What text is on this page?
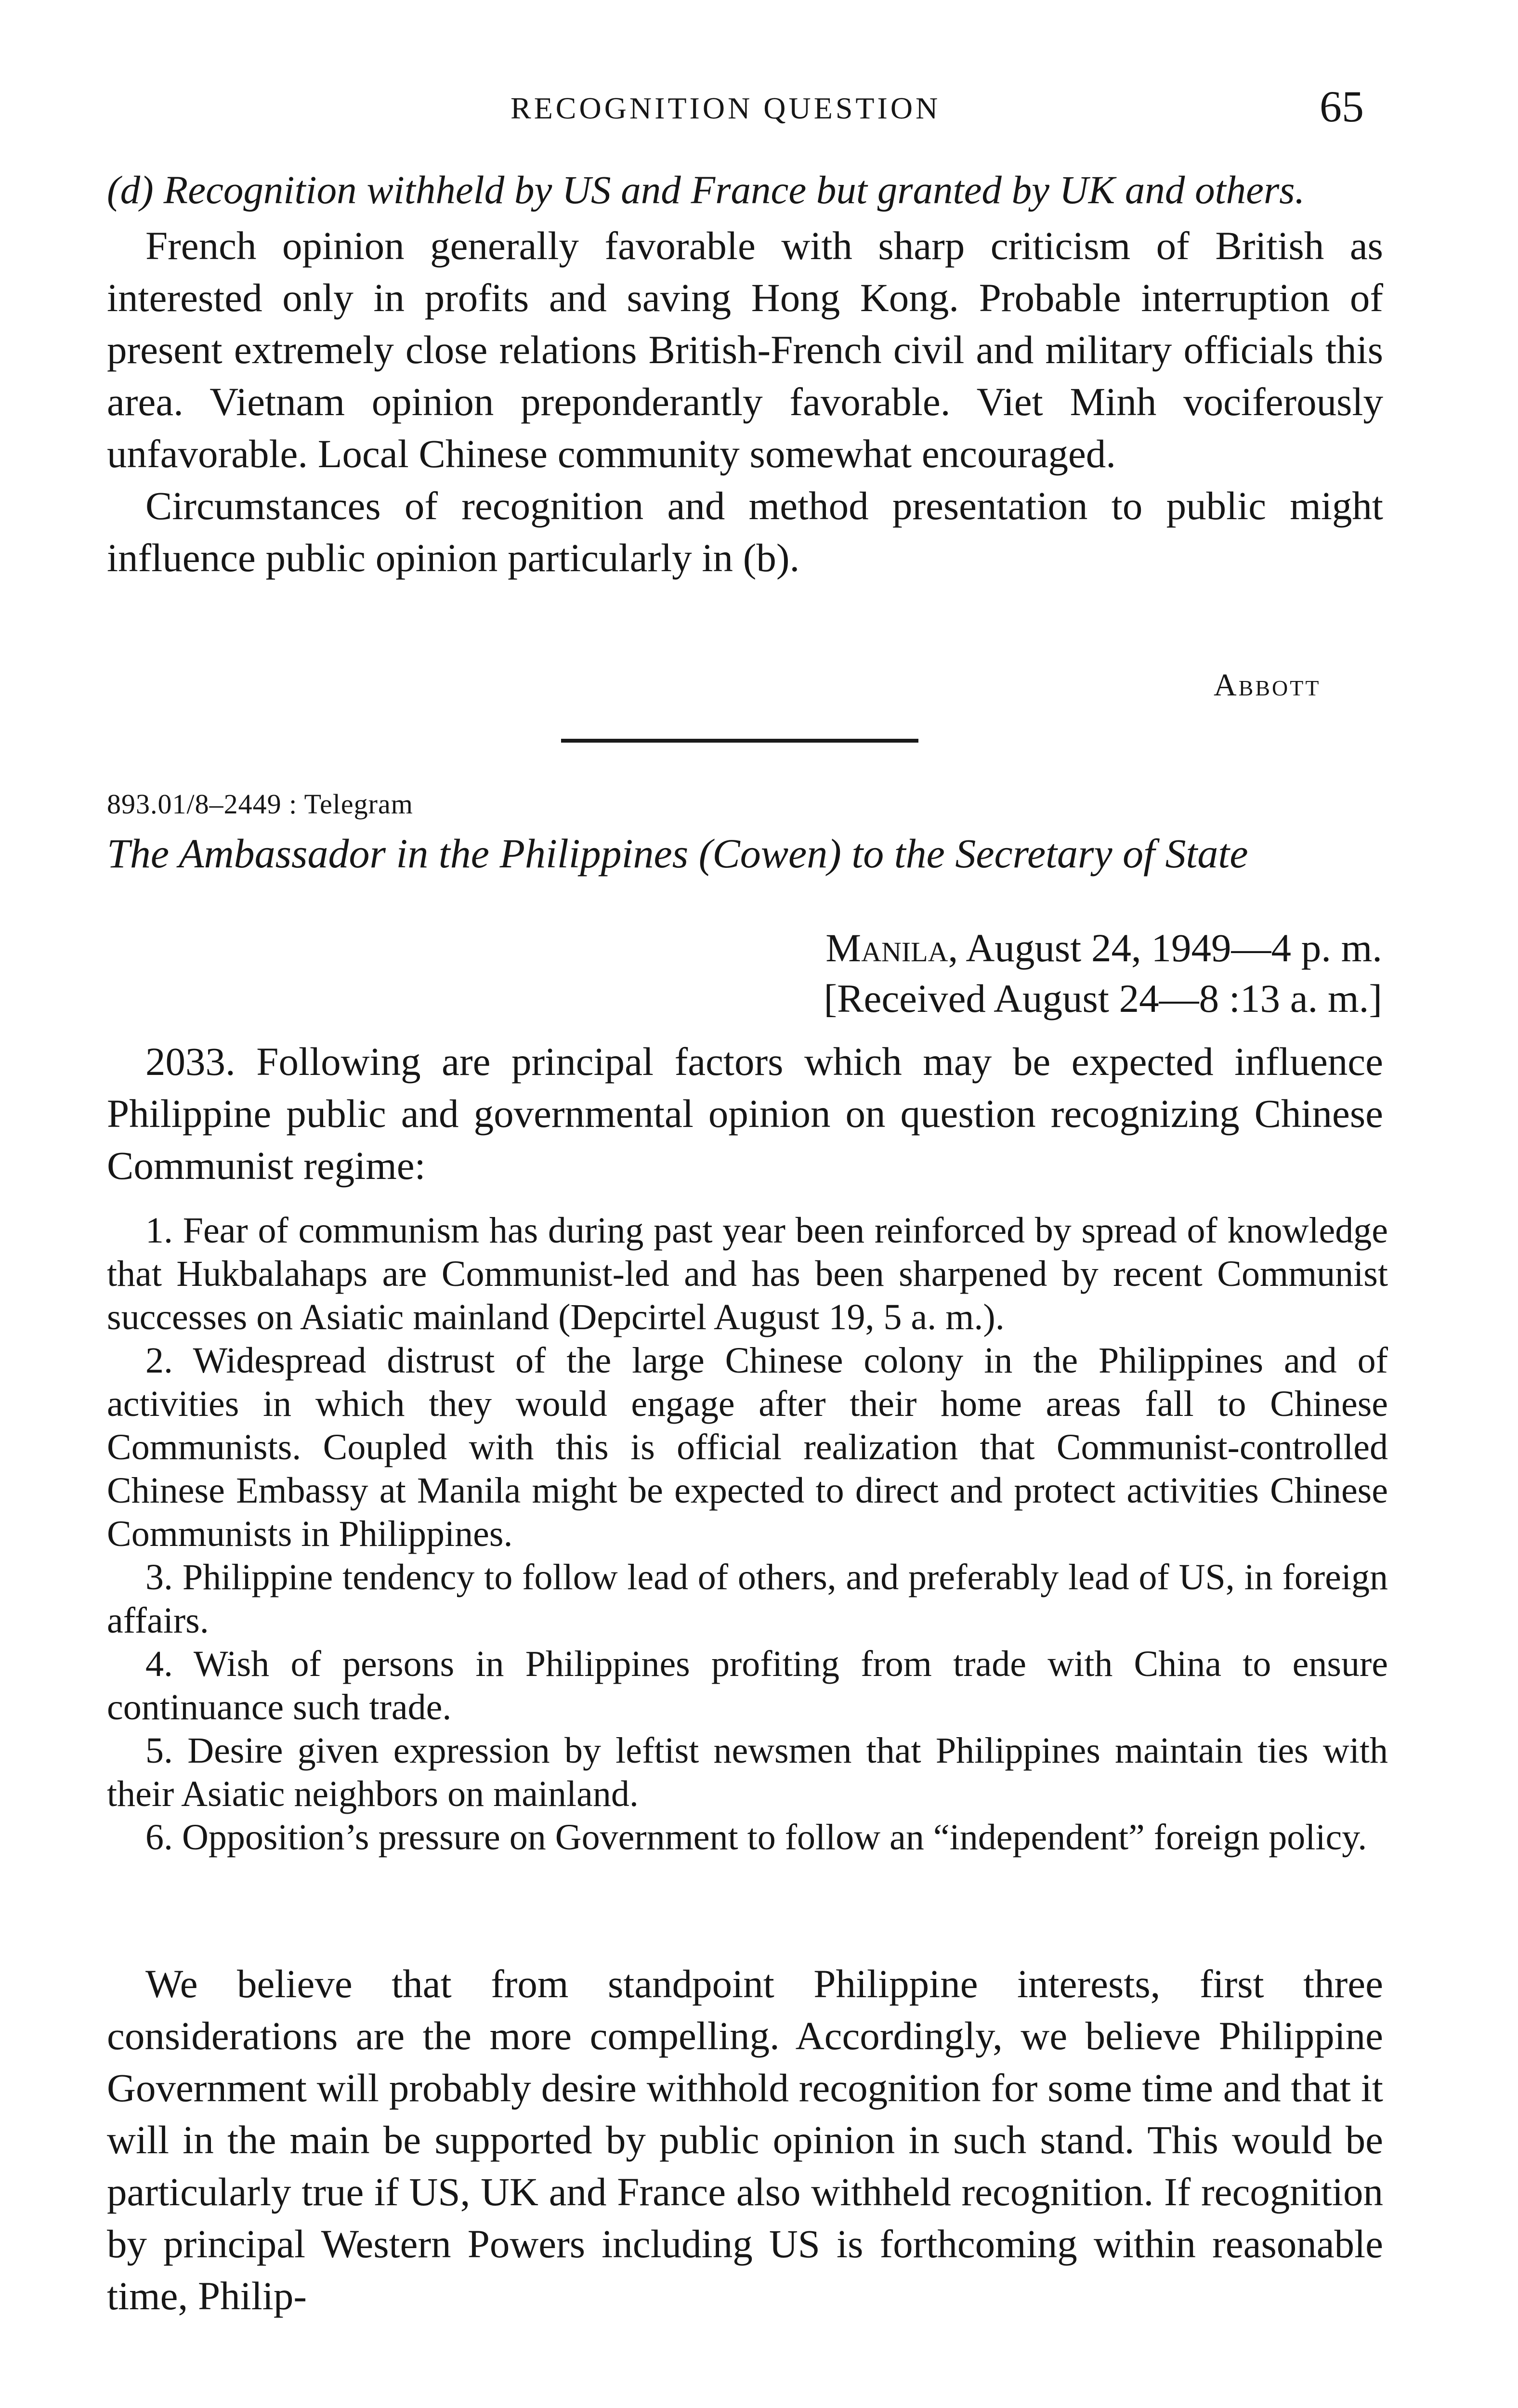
RECOGNITION QUESTION	65

(d) Recognition withheld by US and France but granted by UK and others.

French opinion generally favorable with sharp criticism of British as interested only in profits and saving Hong Kong. Probable interruption of present extremely close relations British-French civil and military officials this area. Vietnam opinion preponderantly favorable. Viet Minh vociferously unfavorable. Local Chinese community somewhat encouraged.

Circumstances of recognition and method presentation to public might influence public opinion particularly in (b).

Abbott
893.01/8–2449 : Telegram
The Ambassador in the Philippines (Cowen) to the Secretary of State
Manila, August 24, 1949—4 p. m.
[Received August 24—8 :13 a. m.]

2033. Following are principal factors which may be expected influence Philippine public and governmental opinion on question recognizing Chinese Communist regime:

1. Fear of communism has during past year been reinforced by spread of knowledge that Hukbalahaps are Communist-led and has been sharpened by recent Communist successes on Asiatic mainland (Depcirtel August 19, 5 a. m.).

2. Widespread distrust of the large Chinese colony in the Philippines and of activities in which they would engage after their home areas fall to Chinese Communists. Coupled with this is official realization that Communist-controlled Chinese Embassy at Manila might be expected to direct and protect activities Chinese Communists in Philippines.

3. Philippine tendency to follow lead of others, and preferably lead of US, in foreign affairs.

4. Wish of persons in Philippines profiting from trade with China to ensure continuance such trade.

5. Desire given expression by leftist newsmen that Philippines maintain ties with their Asiatic neighbors on mainland.

6. Opposition’s pressure on Government to follow an “independent” foreign policy.

We believe that from standpoint Philippine interests, first three considerations are the more compelling. Accordingly, we believe Philippine Government will probably desire withhold recognition for some time and that it will in the main be supported by public opinion in such stand. This would be particularly true if US, UK and France also withheld recognition. If recognition by principal Western Powers including US is forthcoming within reasonable time, Philip-
